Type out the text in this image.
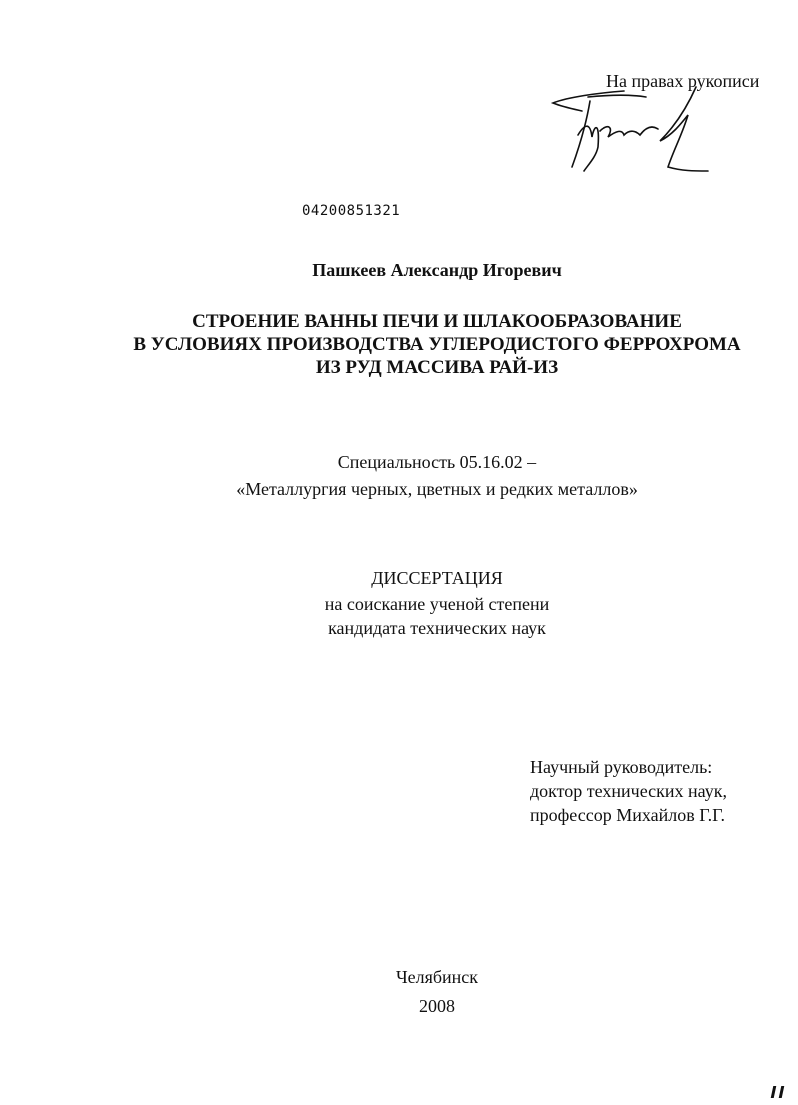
На правах рукописи
04200851321
Пашкеев Александр Игоревич
СТРОЕНИЕ ВАННЫ ПЕЧИ И ШЛАКООБРАЗОВАНИЕ
В УСЛОВИЯХ ПРОИЗВОДСТВА УГЛЕРОДИСТОГО ФЕРРОХРОМА
ИЗ РУД МАССИВА РАЙ-ИЗ
Специальность 05.16.02 –
«Металлургия черных, цветных и редких металлов»
ДИССЕРТАЦИЯ
на соискание ученой степени
кандидата технических наук
Научный руководитель:
доктор технических наук,
профессор Михайлов Г.Г.
Челябинск
2008
